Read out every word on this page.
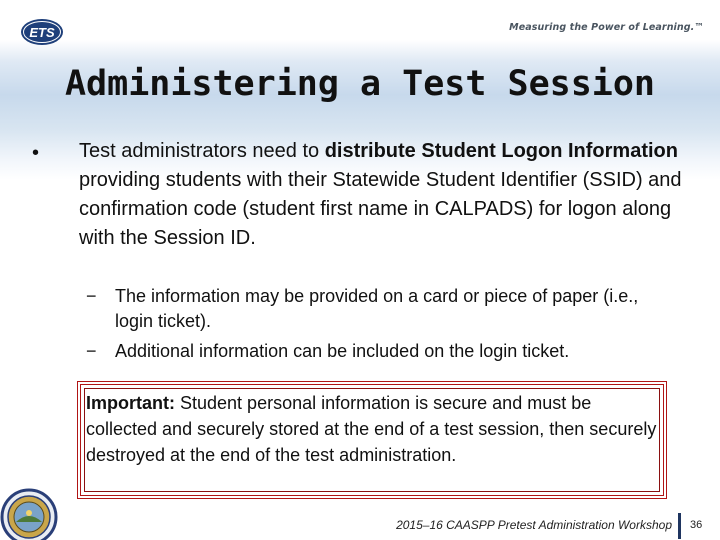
ETS	Measuring the Power of Learning.™
Administering a Test Session
• Test administrators need to distribute Student Logon Information providing students with their Statewide Student Identifier (SSID) and confirmation code (student first name in CALPADS) for logon along with the Session ID.
− The information may be provided on a card or piece of paper (i.e., login ticket).
− Additional information can be included on the login ticket.
Important: Student personal information is secure and must be collected and securely stored at the end of a test session, then securely destroyed at the end of the test administration.
2015–16 CAASPP Pretest Administration Workshop 36
